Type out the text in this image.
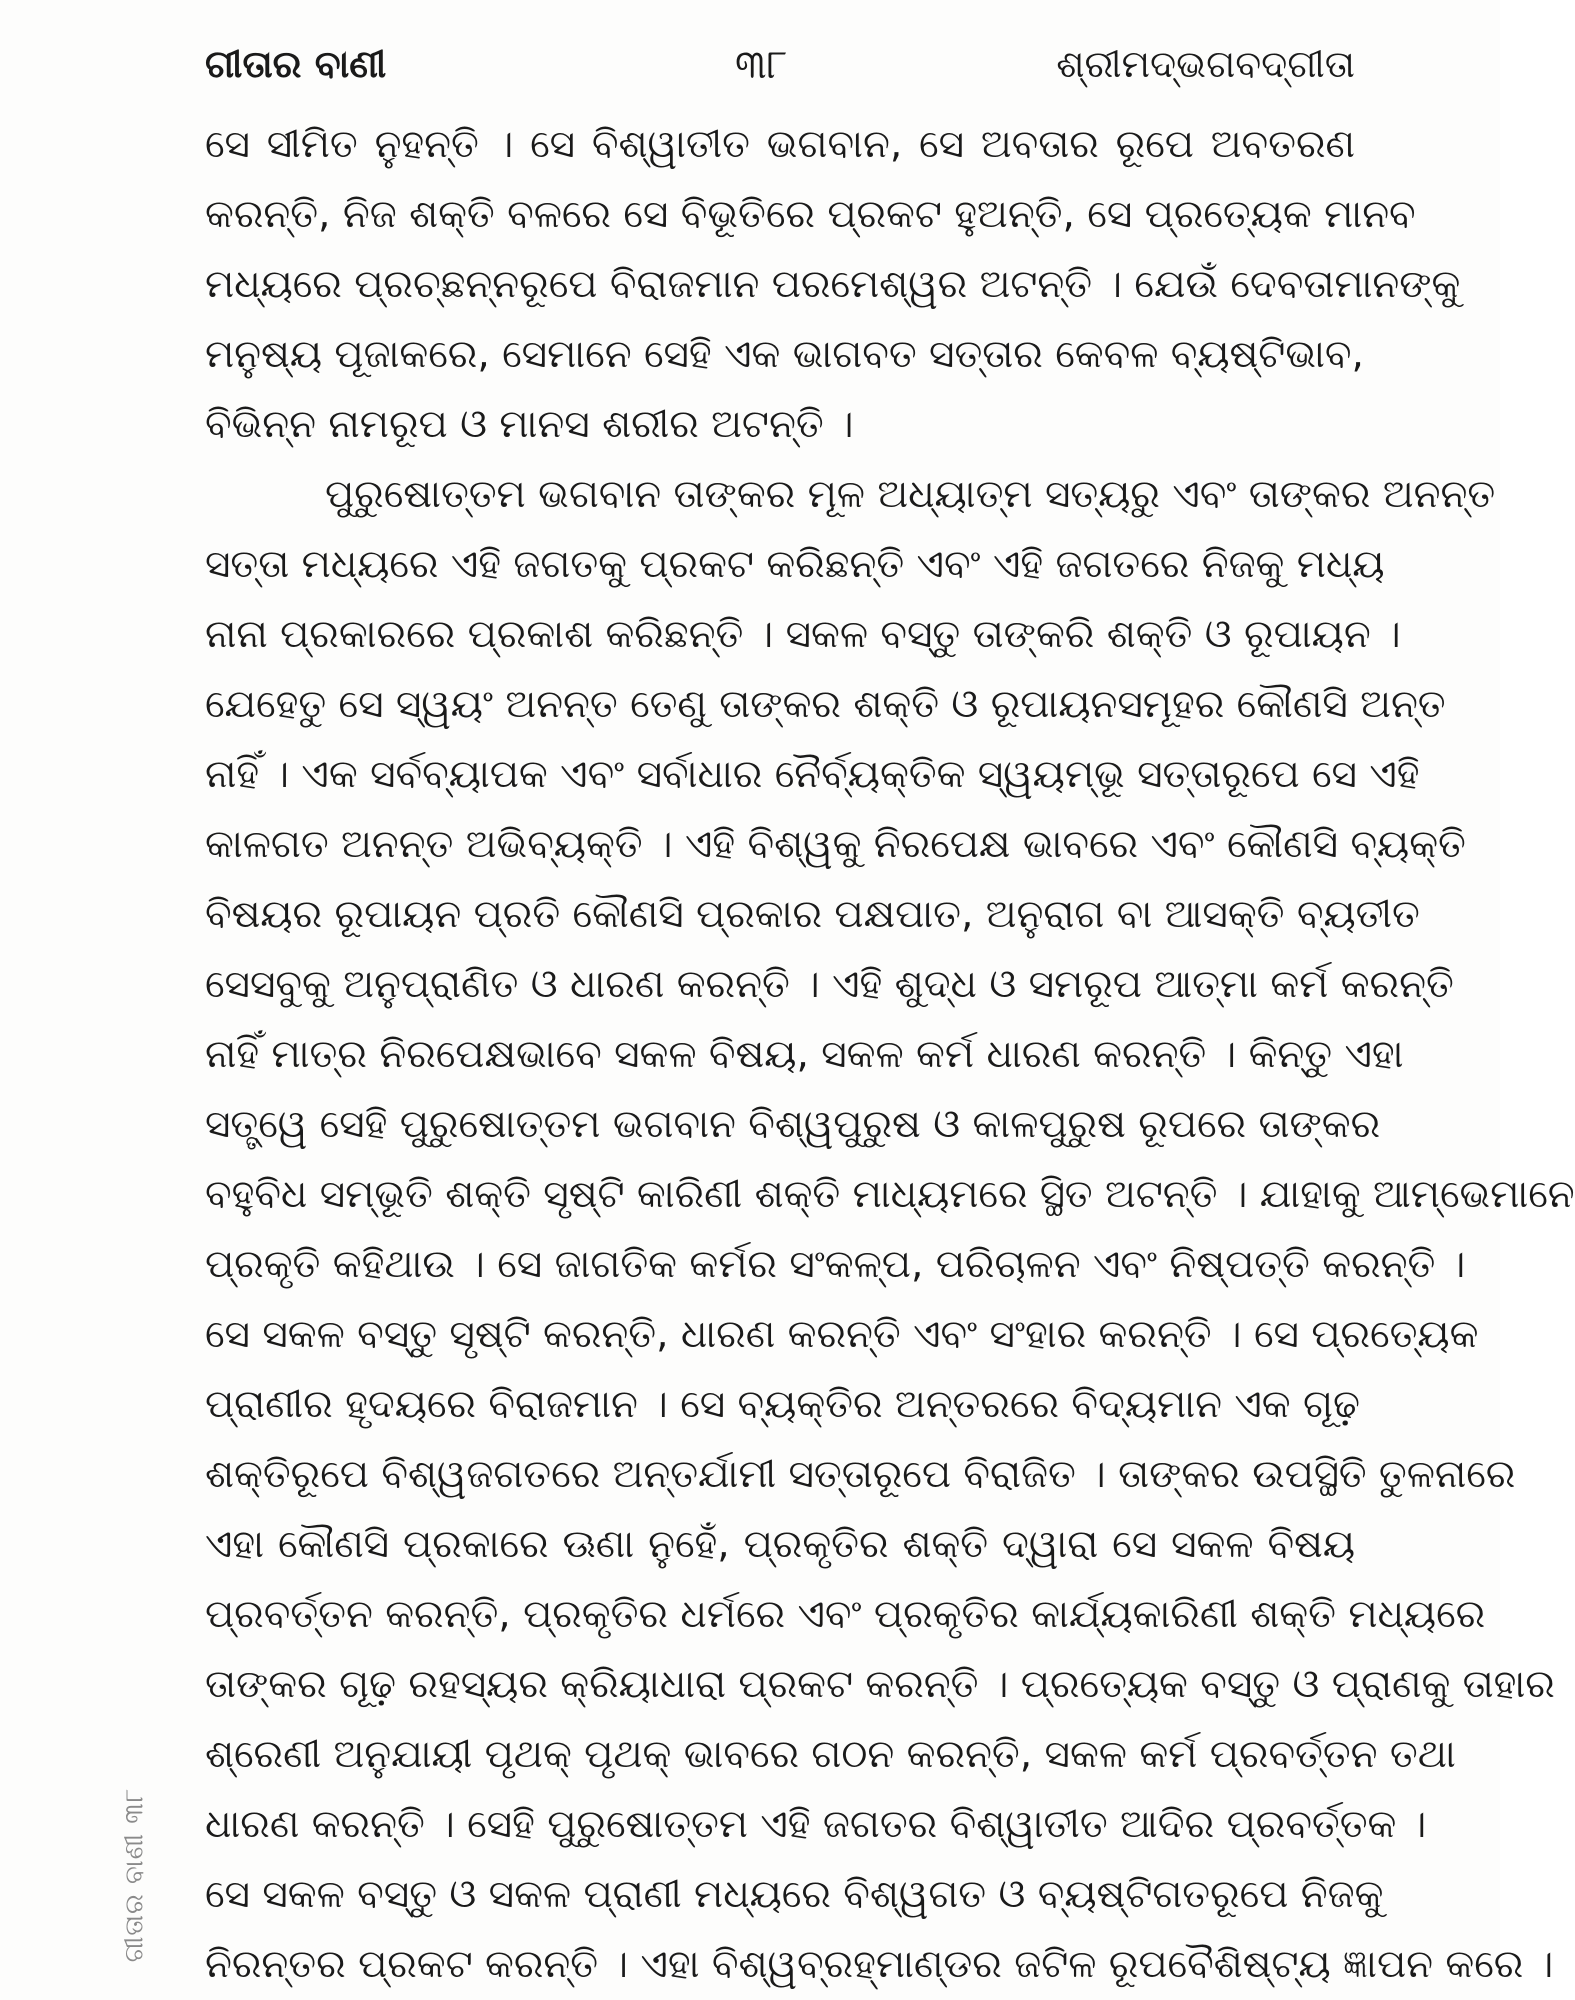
ଗୀତାର ବାଣୀ	୩୮	ଶ୍ରୀମଦ୍‌ଭଗବଦ୍‌ଗୀତା
ସେ ସୀମିତ ନୁହନ୍ତି । ସେ ବିଶ୍ୱାତୀତ ଭଗବାନ, ସେ ଅବତାର ରୂପେ ଅବତରଣ
କରନ୍ତି, ନିଜ ଶକ୍ତି ବଳରେ ସେ ବିଭୂତିରେ ପ୍ରକଟ ହୁଅନ୍ତି, ସେ ପ୍ରତ୍ୟେକ ମାନବ
ମଧ୍ୟରେ ପ୍ରଚ୍ଛନ୍ନରୂପେ ବିରାଜମାନ ପରମେଶ୍ୱର ଅଟନ୍ତି । ଯେଉଁ ଦେବତାମାନଙ୍କୁ
ମନୁଷ୍ୟ ପୂଜାକରେ, ସେମାନେ ସେହି ଏକ ଭାଗବତ ସତ୍ତାର କେବଳ ବ୍ୟଷ୍ଟିଭାବ,
ବିଭିନ୍ନ ନାମରୂପ ଓ ମାନସ ଶରୀର ଅଟନ୍ତି ।
ପୁରୁଷୋତ୍ତମ ଭଗବାନ ତାଙ୍କର ମୂଳ ଅଧ୍ୟାତ୍ମ ସତ୍ୟରୁ ଏବଂ ତାଙ୍କର ଅନନ୍ତ
ସତ୍ତା ମଧ୍ୟରେ ଏହି ଜଗତକୁ ପ୍ରକଟ କରିଛନ୍ତି ଏବଂ ଏହି ଜଗତରେ ନିଜକୁ ମଧ୍ୟ
ନାନା ପ୍ରକାରରେ ପ୍ରକାଶ କରିଛନ୍ତି । ସକଳ ବସ୍ତୁ ତାଙ୍କରି ଶକ୍ତି ଓ ରୂପାୟନ ।
ଯେହେତୁ ସେ ସ୍ୱୟଂ ଅନନ୍ତ ତେଣୁ ତାଙ୍କର ଶକ୍ତି ଓ ରୂପାୟନସମୂହର କୌଣସି ଅନ୍ତ
ନାହିଁ । ଏକ ସର୍ବବ୍ୟାପକ ଏବଂ ସର୍ବାଧାର ନୈର୍ବ୍ୟକ୍ତିକ ସ୍ୱୟମ୍ଭୂ ସତ୍ତାରୂପେ ସେ ଏହି
କାଳଗତ ଅନନ୍ତ ଅଭିବ୍ୟକ୍ତି । ଏହି ବିଶ୍ୱକୁ ନିରପେକ୍ଷ ଭାବରେ ଏବଂ କୌଣସି ବ୍ୟକ୍ତି
ବିଷୟର ରୂପାୟନ ପ୍ରତି କୌଣସି ପ୍ରକାର ପକ୍ଷପାତ, ଅନୁରାଗ ବା ଆସକ୍ତି ବ୍ୟତୀତ
ସେସବୁକୁ ଅନୁପ୍ରାଣିତ ଓ ଧାରଣ କରନ୍ତି । ଏହି ଶୁଦ୍ଧ ଓ ସମରୂପ ଆତ୍ମା କର୍ମ କରନ୍ତି
ନାହିଁ ମାତ୍ର ନିରପେକ୍ଷଭାବେ ସକଳ ବିଷୟ, ସକଳ କର୍ମ ଧାରଣ କରନ୍ତି । କିନ୍ତୁ ଏହା
ସତ୍ତ୍ୱେ ସେହି ପୁରୁଷୋତ୍ତମ ଭଗବାନ ବିଶ୍ୱପୁରୁଷ ଓ କାଳପୁରୁଷ ରୂପରେ ତାଙ୍କର
ବହୁବିଧ ସମ୍ଭୂତି ଶକ୍ତି ସୃଷ୍ଟି କାରିଣୀ ଶକ୍ତି ମାଧ୍ୟମରେ ସ୍ଥିତ ଅଟନ୍ତି । ଯାହାକୁ ଆମ୍ଭେମାନେ
ପ୍ରକୃତି କହିଥାଉ । ସେ ଜାଗତିକ କର୍ମର ସଂକଳ୍ପ, ପରିଚାଳନ ଏବଂ ନିଷ୍ପତ୍ତି କରନ୍ତି ।
ସେ ସକଳ ବସ୍ତୁ ସୃଷ୍ଟି କରନ୍ତି, ଧାରଣ କରନ୍ତି ଏବଂ ସଂହାର କରନ୍ତି । ସେ ପ୍ରତ୍ୟେକ
ପ୍ରାଣୀର ହୃଦୟରେ ବିରାଜମାନ । ସେ ବ୍ୟକ୍ତିର ଅନ୍ତରରେ ବିଦ୍ୟମାନ ଏକ ଗୂଢ଼
ଶକ୍ତିରୂପେ ବିଶ୍ୱଜଗତରେ ଅନ୍ତର୍ଯାମୀ ସତ୍ତାରୂପେ ବିରାଜିତ । ତାଙ୍କର ଉପସ୍ଥିତି ତୁଳନାରେ
ଏହା କୌଣସି ପ୍ରକାରେ ଊଣା ନୁହେଁ, ପ୍ରକୃତିର ଶକ୍ତି ଦ୍ୱାରା ସେ ସକଳ ବିଷୟ
ପ୍ରବର୍ତ୍ତନ କରନ୍ତି, ପ୍ରକୃତିର ଧର୍ମରେ ଏବଂ ପ୍ରକୃତିର କାର୍ଯ୍ୟକାରିଣୀ ଶକ୍ତି ମଧ୍ୟରେ
ତାଙ୍କର ଗୂଢ଼ ରହସ୍ୟର କ୍ରିୟାଧାରା ପ୍ରକଟ କରନ୍ତି । ପ୍ରତ୍ୟେକ ବସ୍ତୁ ଓ ପ୍ରାଣକୁ ତାହାର
ଶ୍ରେଣୀ ଅନୁଯାୟୀ ପୃଥକ୍ ପୃଥକ୍ ଭାବରେ ଗଠନ କରନ୍ତି, ସକଳ କର୍ମ ପ୍ରବର୍ତ୍ତନ ତଥା
ଧାରଣ କରନ୍ତି । ସେହି ପୁରୁଷୋତ୍ତମ ଏହି ଜଗତର ବିଶ୍ୱାତୀତ ଆଦିର ପ୍ରବର୍ତ୍ତକ ।
ସେ ସକଳ ବସ୍ତୁ ଓ ସକଳ ପ୍ରାଣୀ ମଧ୍ୟରେ ବିଶ୍ୱଗତ ଓ ବ୍ୟଷ୍ଟିଗତରୂପେ ନିଜକୁ
ନିରନ୍ତର ପ୍ରକଟ କରନ୍ତି । ଏହା ବିଶ୍ୱବ୍ରହ୍ମାଣ୍ଡର ଜଟିଳ ରୂପବୈଶିଷ୍ଟ୍ୟ ଜ୍ଞାପନ କରେ ।
ଗୀତାର ବାଣୀ ୩୮
